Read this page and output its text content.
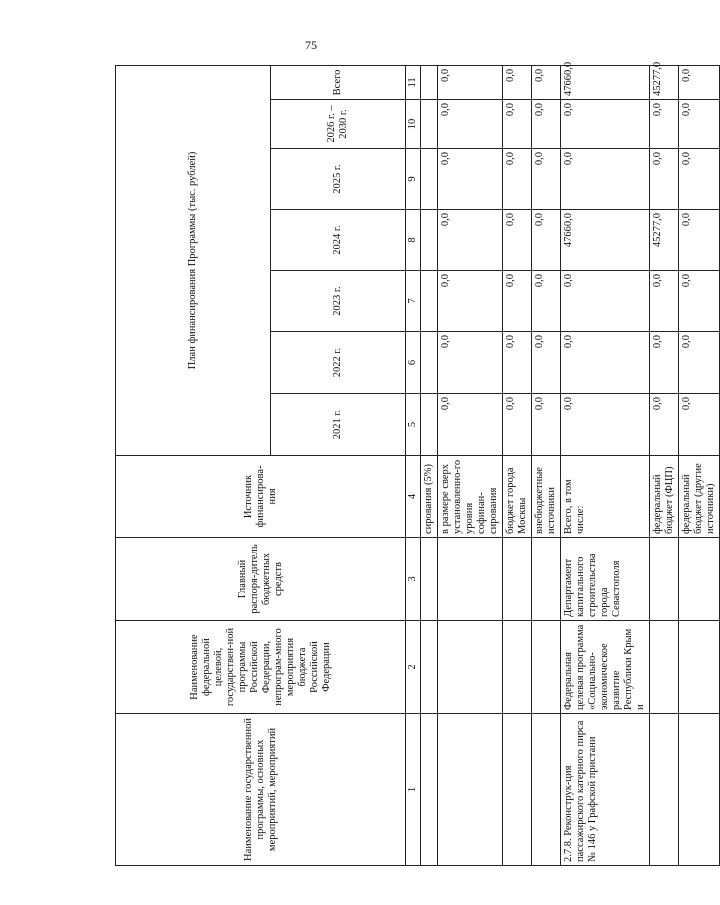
75
Наименование государственной программы, основных мероприятий, мероприятий	Наименование федеральной целевой, государствен-ной программы Российской Федерации, непрограм-много мероприятия бюджета Российской Федерации	Главный распоря-дитель бюджетных средств	Источник финансирова-ния	План финансирования Программы (тыс. рублей)						
				2021 г.	2022 г.	2023 г.	2024 г.	2025 г.	2026 г. – 2030 г.	Всего
1	2	3	4	5	6	7	8	9	10	11
			сирования (5%)							
			в размере сверх установленно-го уровня софинан-сирования	0,0	0,0	0,0	0,0	0,0	0,0	0,0
			бюджет города Москвы	0,0	0,0	0,0	0,0	0,0	0,0	0,0
			внебюджетные источники	0,0	0,0	0,0	0,0	0,0	0,0	0,0
2.7.8. Реконструк-ция пассажирского катерного пирса № 146 у Графской пристани	Федеральная целевая программа «Социально-экономическое развитие Республики Крым и	Департамент капитального строительства города Севастополя	Всего, в том числе:	0,0	0,0	0,0	47660,0	0,0	0,0	47660,0
			федеральный бюджет (ФЦП)	0,0	0,0	0,0	45277,0	0,0	0,0	45277,0
			федеральный бюджет (другие источники)	0,0	0,0	0,0	0,0	0,0	0,0	0,0
